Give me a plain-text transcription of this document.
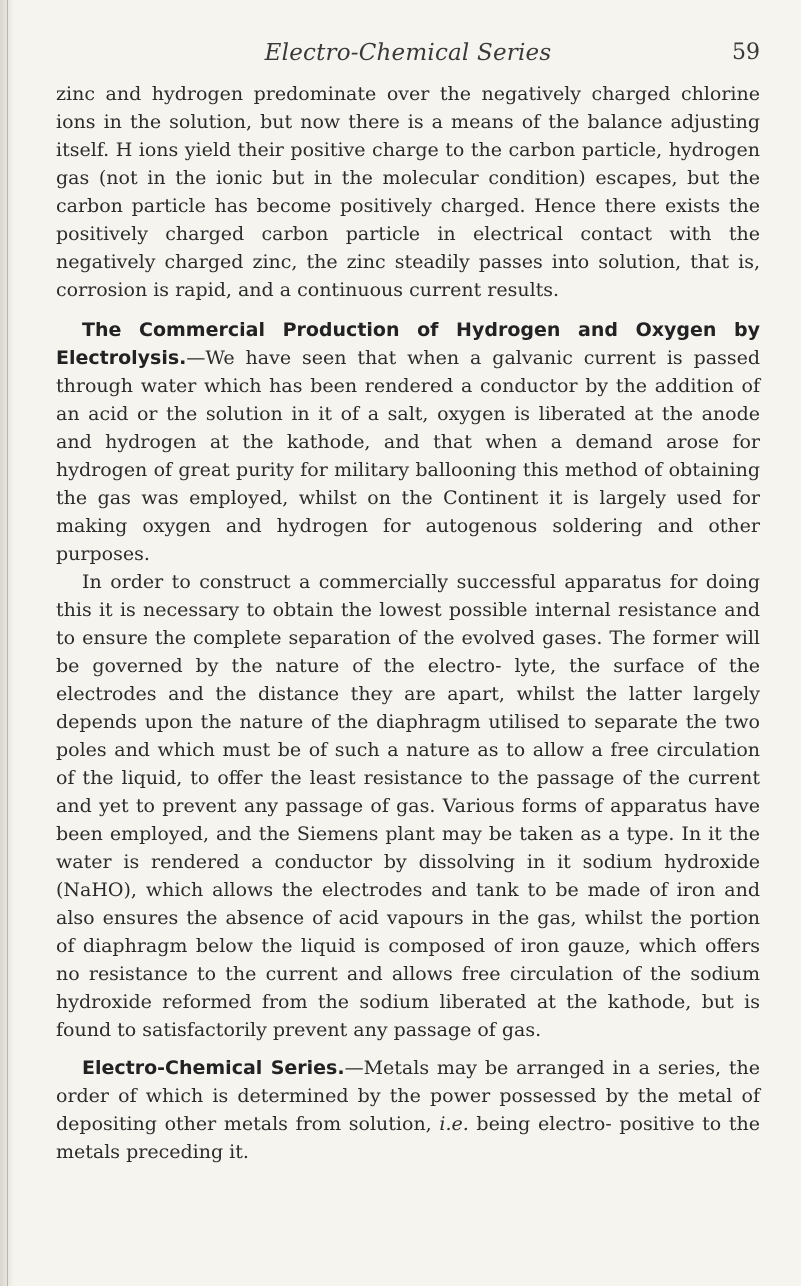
Electro-Chemical Series	59

zinc and hydrogen predominate over the negatively charged chlorine ions in the solution, but now there is a means of the balance adjusting itself. H ions yield their positive charge to the carbon particle, hydrogen gas (not in the ionic but in the molecular condition) escapes, but the carbon particle has become positively charged. Hence there exists the positively charged carbon particle in electrical contact with the negatively charged zinc, the zinc steadily passes into solution, that is, corrosion is rapid, and a continuous current results.

The Commercial Production of Hydrogen and Oxygen by Electrolysis.—We have seen that when a galvanic current is passed through water which has been rendered a conductor by the addition of an acid or the solution in it of a salt, oxygen is liberated at the anode and hydrogen at the kathode, and that when a demand arose for hydrogen of great purity for military ballooning this method of obtaining the gas was employed, whilst on the Continent it is largely used for making oxygen and hydrogen for autogenous soldering and other purposes.

In order to construct a commercially successful apparatus for doing this it is necessary to obtain the lowest possible internal resistance and to ensure the complete separation of the evolved gases. The former will be governed by the nature of the electro- lyte, the surface of the electrodes and the distance they are apart, whilst the latter largely depends upon the nature of the diaphragm utilised to separate the two poles and which must be of such a nature as to allow a free circulation of the liquid, to offer the least resistance to the passage of the current and yet to prevent any passage of gas. Various forms of apparatus have been employed, and the Siemens plant may be taken as a type. In it the water is rendered a conductor by dissolving in it sodium hydroxide (NaHO), which allows the electrodes and tank to be made of iron and also ensures the absence of acid vapours in the gas, whilst the portion of diaphragm below the liquid is composed of iron gauze, which offers no resistance to the current and allows free circulation of the sodium hydroxide reformed from the sodium liberated at the kathode, but is found to satisfactorily prevent any passage of gas.

Electro-Chemical Series.—Metals may be arranged in a series, the order of which is determined by the power possessed by the metal of depositing other metals from solution, i.e. being electro- positive to the metals preceding it.
